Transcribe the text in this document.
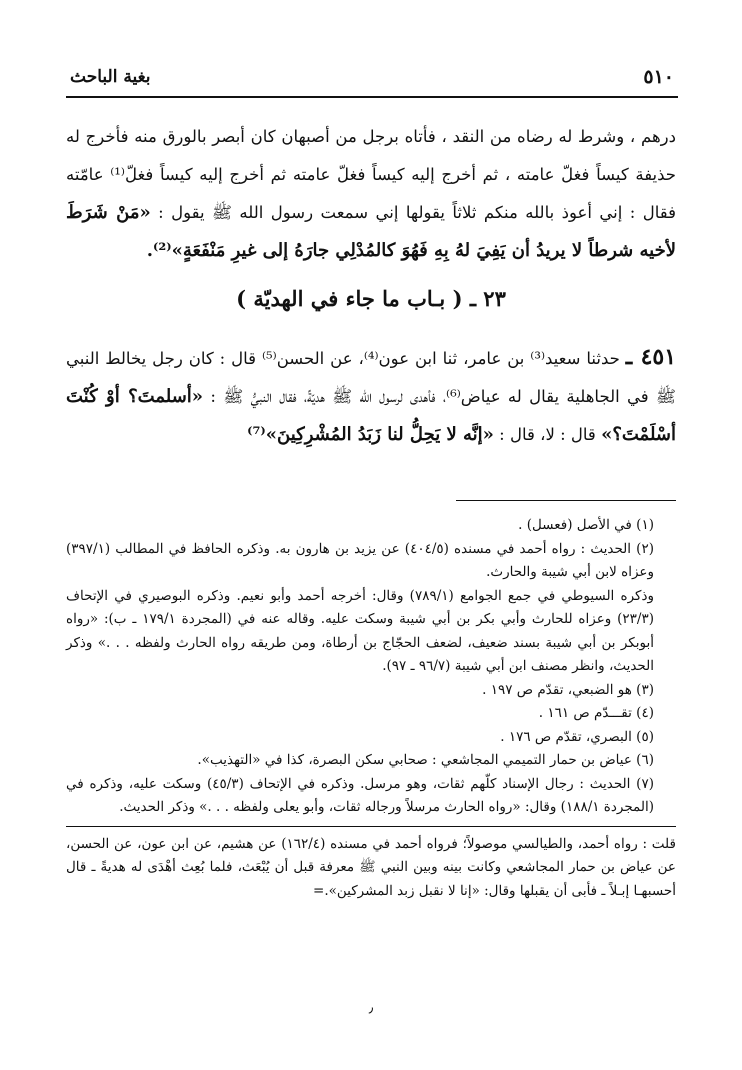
٥١٠
بغية الباحث

درهم ، وشرط له رضاه من النقد ، فأتاه برجل من أصبهان كان أبصر بالورق منه فأخرج له حذيفة كيساً فغلّ عامته ، ثم أخرج إليه كيساً فغلّ عامته ثم أخرج إليه كيساً فغلّ⁽¹⁾ عامّته فقال : إني أعوذ بالله منكم ثلاثاً يقولها إني سمعت رسول الله ﷺ يقول : «مَنْ شَرَطَ لأخيه شرطاً لا يريدُ أن يَفِيَ لهُ بِهِ فَهُوَ كالمُدْلِي جارَهُ إلى غيرِ مَنْفَعَةٍ»⁽²⁾.

٢٣ ـ ( بـاب ما جاء في الهديّة )
٤٥١ ـ حدثنا سعيد⁽³⁾ بن عامر، ثنا ابن عون⁽⁴⁾، عن الحسن⁽⁵⁾ قال : كان رجل يخالط النبي ﷺ في الجاهلية يقال له عياض⁽⁶⁾، فأهدى لرسول الله ﷺ هديّةً، فقال النبيُّ ﷺ : «أسلمتَ؟ أوْ كُنْتَ أسْلَمْتَ؟» قال : لا، قال : «إنَّه لا يَحِلُّ لنا زَبَدُ المُشْرِكِينَ»⁽⁷⁾

(١) في الأصل (فعسل) .

(٢) الحديث : رواه أحمد في مسنده (٤٠٤/٥) عن يزيد بن هارون به. وذكره الحافظ في المطالب (٣٩٧/١) وعزاه لابن أبي شيبة والحارث.

وذكره السيوطي في جمع الجوامع (٧٨٩/١) وقال: أخرجه أحمد وأبو نعيم. وذكره البوصيري في الإتحاف (٢٣/٣) وعزاه للحارث وأبي بكر بن أبي شيبة وسكت عليه. وقاله عنه في (المجردة ١٧٩/١ ـ ب): «رواه أبوبكر بن أبي شيبة بسند ضعيف، لضعف الحجّاج بن أرطاة، ومن طريقه رواه الحارث ولفظه . . .» وذكر الحديث، وانظر مصنف ابن أبي شيبة (٩٦/٧ ـ ٩٧).

(٣) هو الضبعي، تقدّم ص ١٩٧ .

(٤) تقـــدّم ص ١٦١ .

(٥) البصري، تقدّم ص ١٧٦ .

(٦) عياض بن حمار التميمي المجاشعي : صحابي سكن البصرة، كذا في «التهذيب».

(٧) الحديث : رجال الإسناد كلّهم ثقات، وهو مرسل. وذكره في الإتحاف (٤٥/٣) وسكت عليه، وذكره في (المجردة ١٨٨/١) وقال: «رواه الحارث مرسلاً ورجاله ثقات، وأبو يعلى ولفظه . . .» وذكر الحديث.

قلت : رواه أحمد، والطيالسي موصولاً؛ فرواه أحمد في مسنده (١٦٢/٤) عن هشيم، عن ابن عون، عن الحسن، عن عياض بن حمار المجاشعي وكانت بينه وبين النبي ﷺ معرفة قبل أن يُبْعَث، فلما بُعِث أهْدَى له هديةً ـ قال أحسبهـا إبـلاً ـ فأبى أن يقبلها وقال: «إنا لا نقبل زبد المشركين».=

٫
